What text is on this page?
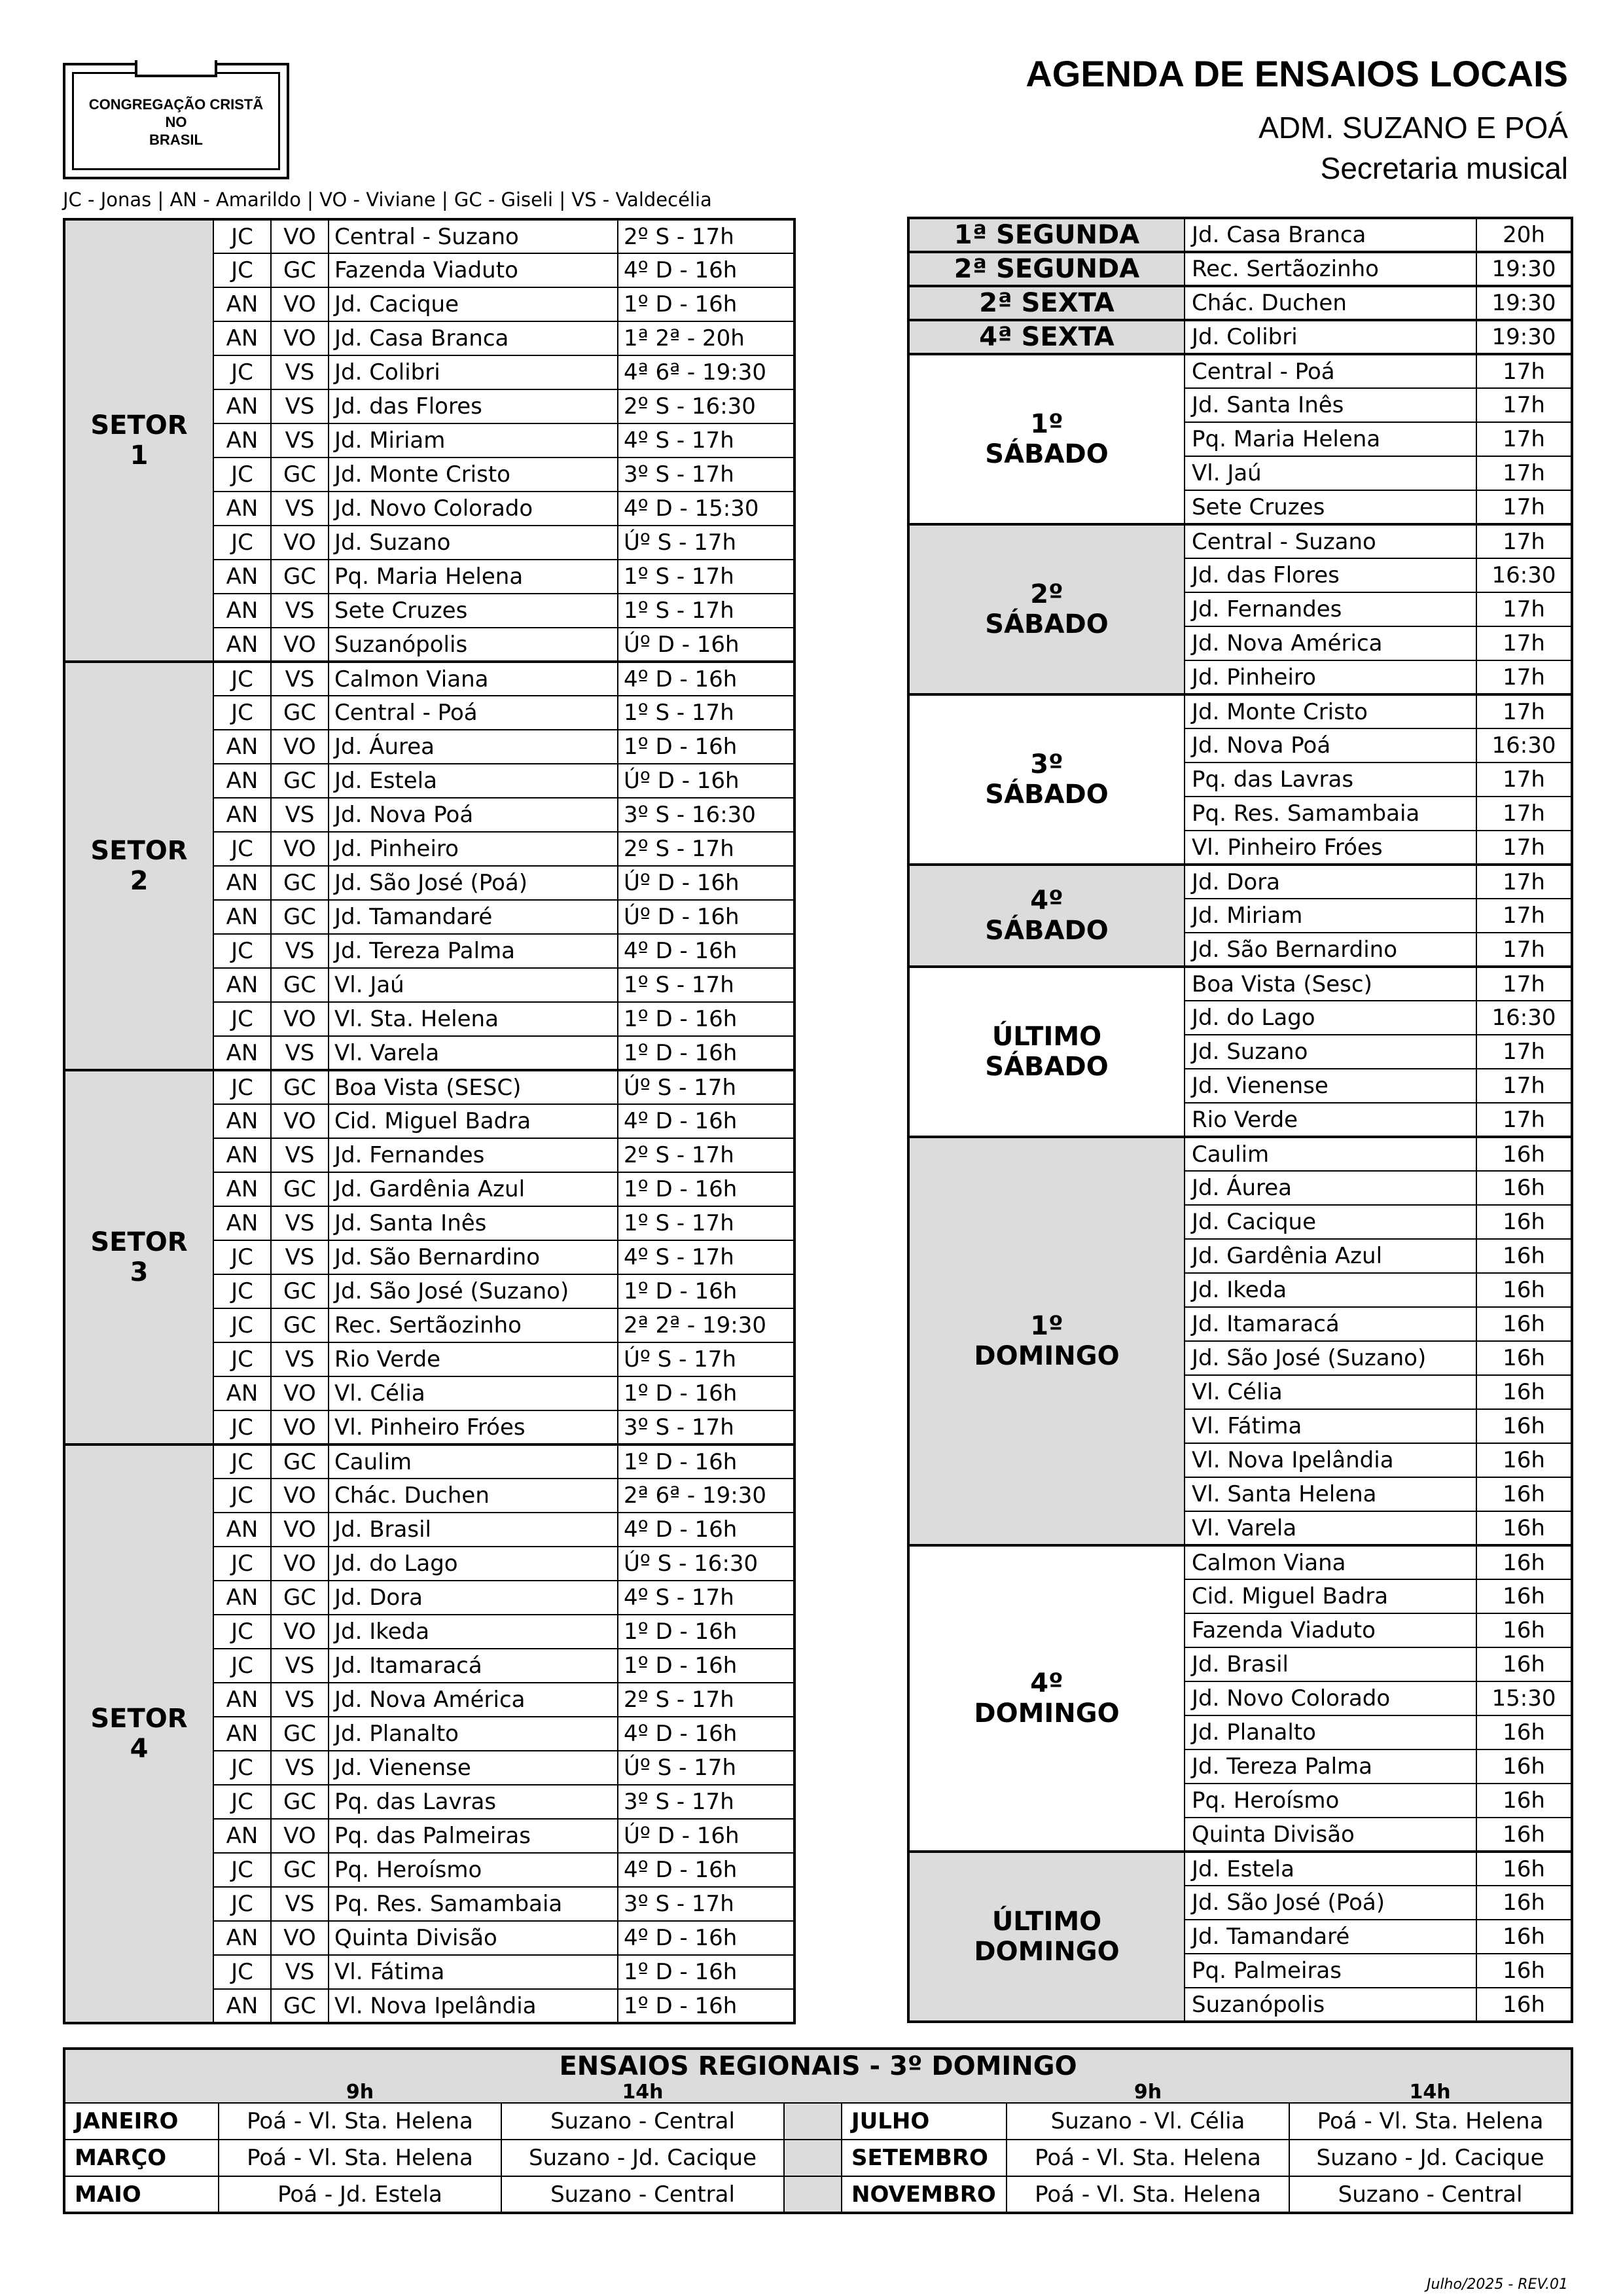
CONGREGAÇÃO CRISTÃ
NO
BRASIL
AGENDA DE ENSAIOS LOCAIS
ADM. SUZANO E POÁ
Secretaria musical
JC - Jonas | AN - Amarildo | VO - Viviane | GC - Giseli | VS - Valdecélia
SETOR
1	JC	VO	Central - Suzano	2º S - 17h
	JC	GC	Fazenda Viaduto	4º D - 16h
	AN	VO	Jd. Cacique	1º D - 16h
	AN	VO	Jd. Casa Branca	1ª 2ª - 20h
	JC	VS	Jd. Colibri	4ª 6ª - 19:30
	AN	VS	Jd. das Flores	2º S - 16:30
	AN	VS	Jd. Miriam	4º S - 17h
	JC	GC	Jd. Monte Cristo	3º S - 17h
	AN	VS	Jd. Novo Colorado	4º D - 15:30
	JC	VO	Jd. Suzano	Úº S - 17h
	AN	GC	Pq. Maria Helena	1º S - 17h
	AN	VS	Sete Cruzes	1º S - 17h
	AN	VO	Suzanópolis	Úº D - 16h
SETOR
2	JC	VS	Calmon Viana	4º D - 16h
	JC	GC	Central - Poá	1º S - 17h
	AN	VO	Jd. Áurea	1º D - 16h
	AN	GC	Jd. Estela	Úº D - 16h
	AN	VS	Jd. Nova Poá	3º S - 16:30
	JC	VO	Jd. Pinheiro	2º S - 17h
	AN	GC	Jd. São José (Poá)	Úº D - 16h
	AN	GC	Jd. Tamandaré	Úº D - 16h
	JC	VS	Jd. Tereza Palma	4º D - 16h
	AN	GC	Vl. Jaú	1º S - 17h
	JC	VO	Vl. Sta. Helena	1º D - 16h
	AN	VS	Vl. Varela	1º D - 16h
SETOR
3	JC	GC	Boa Vista (SESC)	Úº S - 17h
	AN	VO	Cid. Miguel Badra	4º D - 16h
	AN	VS	Jd. Fernandes	2º S - 17h
	AN	GC	Jd. Gardênia Azul	1º D - 16h
	AN	VS	Jd. Santa Inês	1º S - 17h
	JC	VS	Jd. São Bernardino	4º S - 17h
	JC	GC	Jd. São José (Suzano)	1º D - 16h
	JC	GC	Rec. Sertãozinho	2ª 2ª - 19:30
	JC	VS	Rio Verde	Úº S - 17h
	AN	VO	Vl. Célia	1º D - 16h
	JC	VO	Vl. Pinheiro Fróes	3º S - 17h
SETOR
4	JC	GC	Caulim	1º D - 16h
	JC	VO	Chác. Duchen	2ª 6ª - 19:30
	AN	VO	Jd. Brasil	4º D - 16h
	JC	VO	Jd. do Lago	Úº S - 16:30
	AN	GC	Jd. Dora	4º S - 17h
	JC	VO	Jd. Ikeda	1º D - 16h
	JC	VS	Jd. Itamaracá	1º D - 16h
	AN	VS	Jd. Nova América	2º S - 17h
	AN	GC	Jd. Planalto	4º D - 16h
	JC	VS	Jd. Vienense	Úº S - 17h
	JC	GC	Pq. das Lavras	3º S - 17h
	AN	VO	Pq. das Palmeiras	Úº D - 16h
	JC	GC	Pq. Heroísmo	4º D - 16h
	JC	VS	Pq. Res. Samambaia	3º S - 17h
	AN	VO	Quinta Divisão	4º D - 16h
	JC	VS	Vl. Fátima	1º D - 16h
	AN	GC	Vl. Nova Ipelândia	1º D - 16h
1ª SEGUNDA	Jd. Casa Branca	20h
2ª SEGUNDA	Rec. Sertãozinho	19:30
2ª SEXTA	Chác. Duchen	19:30
4ª SEXTA	Jd. Colibri	19:30
1º
SÁBADO	Central - Poá	17h
	Jd. Santa Inês	17h
	Pq. Maria Helena	17h
	Vl. Jaú	17h
	Sete Cruzes	17h
2º
SÁBADO	Central - Suzano	17h
	Jd. das Flores	16:30
	Jd. Fernandes	17h
	Jd. Nova América	17h
	Jd. Pinheiro	17h
3º
SÁBADO	Jd. Monte Cristo	17h
	Jd. Nova Poá	16:30
	Pq. das Lavras	17h
	Pq. Res. Samambaia	17h
	Vl. Pinheiro Fróes	17h
4º
SÁBADO	Jd. Dora	17h
	Jd. Miriam	17h
	Jd. São Bernardino	17h
ÚLTIMO
SÁBADO	Boa Vista (Sesc)	17h
	Jd. do Lago	16:30
	Jd. Suzano	17h
	Jd. Vienense	17h
	Rio Verde	17h
1º
DOMINGO	Caulim	16h
	Jd. Áurea	16h
	Jd. Cacique	16h
	Jd. Gardênia Azul	16h
	Jd. Ikeda	16h
	Jd. Itamaracá	16h
	Jd. São José (Suzano)	16h
	Vl. Célia	16h
	Vl. Fátima	16h
	Vl. Nova Ipelândia	16h
	Vl. Santa Helena	16h
	Vl. Varela	16h
4º
DOMINGO	Calmon Viana	16h
	Cid. Miguel Badra	16h
	Fazenda Viaduto	16h
	Jd. Brasil	16h
	Jd. Novo Colorado	15:30
	Jd. Planalto	16h
	Jd. Tereza Palma	16h
	Pq. Heroísmo	16h
	Quinta Divisão	16h
ÚLTIMO
DOMINGO	Jd. Estela	16h
	Jd. São José (Poá)	16h
	Jd. Tamandaré	16h
	Pq. Palmeiras	16h
	Suzanópolis	16h
ENSAIOS REGIONAIS - 3º DOMINGO						
	9h	14h			9h	14h
JANEIRO	Poá - Vl. Sta. Helena	Suzano - Central		JULHO	Suzano - Vl. Célia	Poá - Vl. Sta. Helena
MARÇO	Poá - Vl. Sta. Helena	Suzano - Jd. Cacique		SETEMBRO	Poá - Vl. Sta. Helena	Suzano - Jd. Cacique
MAIO	Poá - Jd. Estela	Suzano - Central		NOVEMBRO	Poá - Vl. Sta. Helena	Suzano - Central
Julho/2025 - REV.01
